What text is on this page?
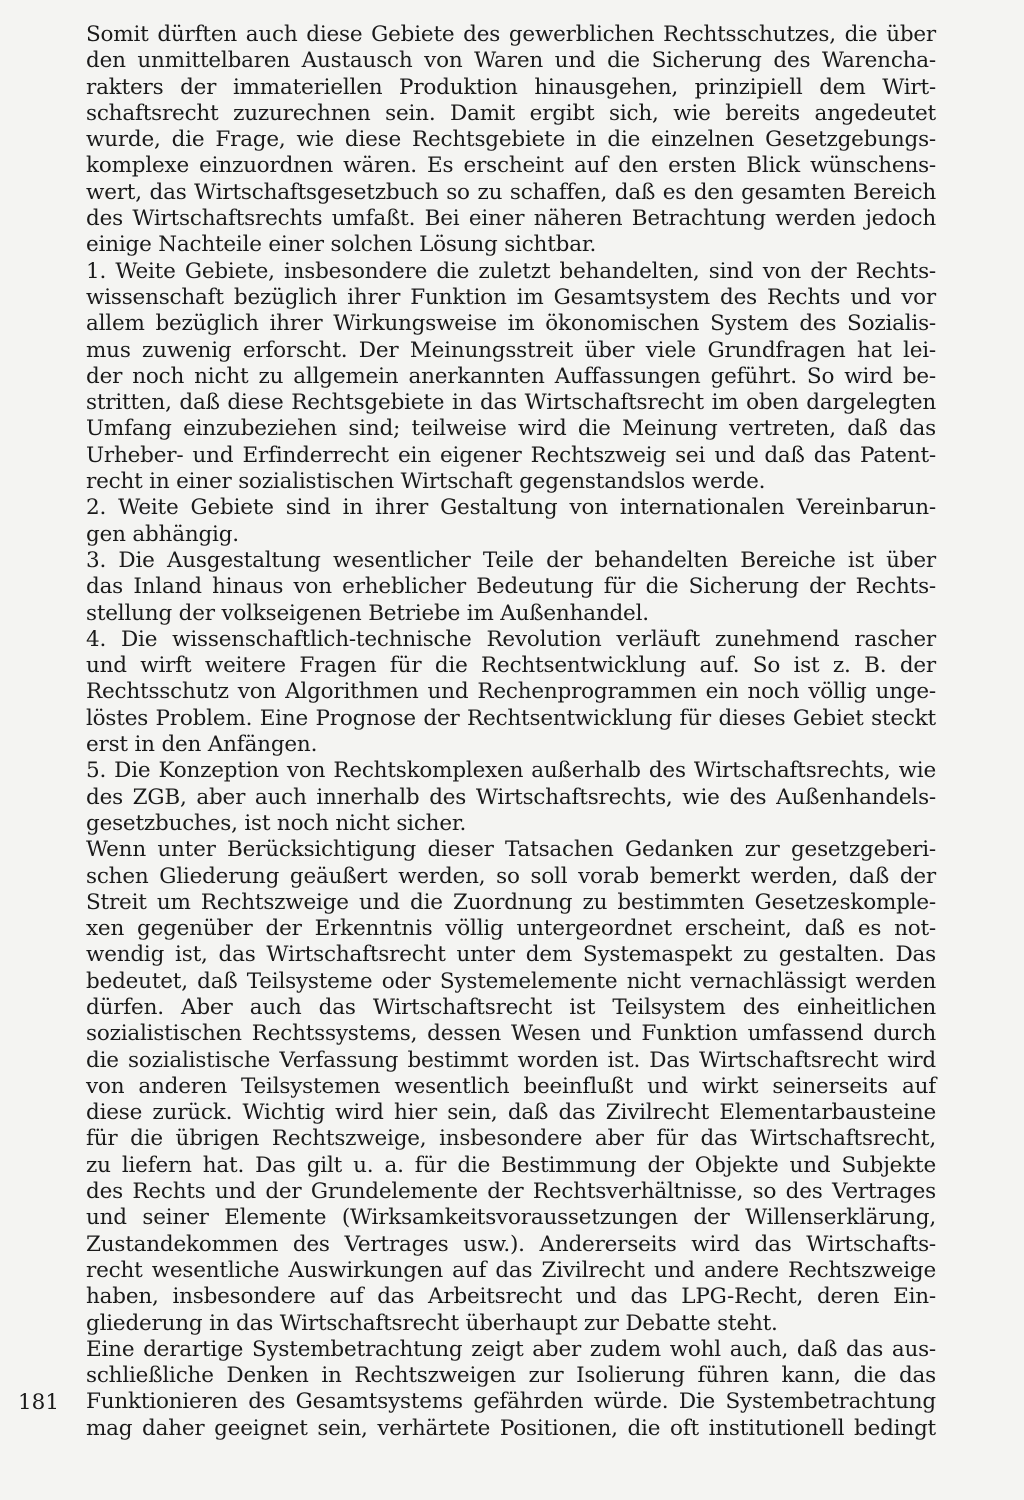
Somit dürften auch diese Gebiete des gewerblichen Rechtsschutzes, die über
den unmittelbaren Austausch von Waren und die Sicherung des Warencha-
rakters der immateriellen Produktion hinausgehen, prinzipiell dem Wirt-
schaftsrecht zuzurechnen sein. Damit ergibt sich, wie bereits angedeutet
wurde, die Frage, wie diese Rechtsgebiete in die einzelnen Gesetzgebungs-
komplexe einzuordnen wären. Es erscheint auf den ersten Blick wünschens-
wert, das Wirtschaftsgesetzbuch so zu schaffen, daß es den gesamten Bereich
des Wirtschaftsrechts umfaßt. Bei einer näheren Betrachtung werden jedoch
einige Nachteile einer solchen Lösung sichtbar.
1. Weite Gebiete, insbesondere die zuletzt behandelten, sind von der Rechts-
wissenschaft bezüglich ihrer Funktion im Gesamtsystem des Rechts und vor
allem bezüglich ihrer Wirkungsweise im ökonomischen System des Sozialis-
mus zuwenig erforscht. Der Meinungsstreit über viele Grundfragen hat lei-
der noch nicht zu allgemein anerkannten Auffassungen geführt. So wird be-
stritten, daß diese Rechtsgebiete in das Wirtschaftsrecht im oben dargelegten
Umfang einzubeziehen sind; teilweise wird die Meinung vertreten, daß das
Urheber- und Erfinderrecht ein eigener Rechtszweig sei und daß das Patent-
recht in einer sozialistischen Wirtschaft gegenstandslos werde.
2. Weite Gebiete sind in ihrer Gestaltung von internationalen Vereinbarun-
gen abhängig.
3. Die Ausgestaltung wesentlicher Teile der behandelten Bereiche ist über
das Inland hinaus von erheblicher Bedeutung für die Sicherung der Rechts-
stellung der volkseigenen Betriebe im Außenhandel.
4. Die wissenschaftlich-technische Revolution verläuft zunehmend rascher
und wirft weitere Fragen für die Rechtsentwicklung auf. So ist z. B. der
Rechtsschutz von Algorithmen und Rechenprogrammen ein noch völlig unge-
löstes Problem. Eine Prognose der Rechtsentwicklung für dieses Gebiet steckt
erst in den Anfängen.
5. Die Konzeption von Rechtskomplexen außerhalb des Wirtschaftsrechts, wie
des ZGB, aber auch innerhalb des Wirtschaftsrechts, wie des Außenhandels-
gesetzbuches, ist noch nicht sicher.
Wenn unter Berücksichtigung dieser Tatsachen Gedanken zur gesetzgeberi-
schen Gliederung geäußert werden, so soll vorab bemerkt werden, daß der
Streit um Rechtszweige und die Zuordnung zu bestimmten Gesetzeskomple-
xen gegenüber der Erkenntnis völlig untergeordnet erscheint, daß es not-
wendig ist, das Wirtschaftsrecht unter dem Systemaspekt zu gestalten. Das
bedeutet, daß Teilsysteme oder Systemelemente nicht vernachlässigt werden
dürfen. Aber auch das Wirtschaftsrecht ist Teilsystem des einheitlichen
sozialistischen Rechtssystems, dessen Wesen und Funktion umfassend durch
die sozialistische Verfassung bestimmt worden ist. Das Wirtschaftsrecht wird
von anderen Teilsystemen wesentlich beeinflußt und wirkt seinerseits auf
diese zurück. Wichtig wird hier sein, daß das Zivilrecht Elementarbausteine
für die übrigen Rechtszweige, insbesondere aber für das Wirtschaftsrecht,
zu liefern hat. Das gilt u. a. für die Bestimmung der Objekte und Subjekte
des Rechts und der Grundelemente der Rechtsverhältnisse, so des Vertrages
und seiner Elemente (Wirksamkeitsvoraussetzungen der Willenserklärung,
Zustandekommen des Vertrages usw.). Andererseits wird das Wirtschafts-
recht wesentliche Auswirkungen auf das Zivilrecht und andere Rechtszweige
haben, insbesondere auf das Arbeitsrecht und das LPG-Recht, deren Ein-
gliederung in das Wirtschaftsrecht überhaupt zur Debatte steht.
Eine derartige Systembetrachtung zeigt aber zudem wohl auch, daß das aus-
schließliche Denken in Rechtszweigen zur Isolierung führen kann, die das
Funktionieren des Gesamtsystems gefährden würde. Die Systembetrachtung
mag daher geeignet sein, verhärtete Positionen, die oft institutionell bedingt
181
